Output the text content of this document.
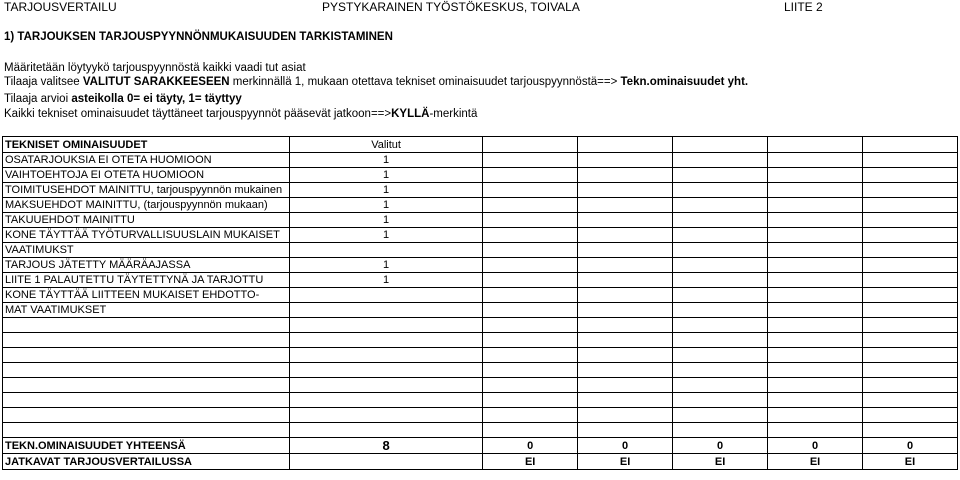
TARJOUSVERTAILU	PYSTYKARAINEN TYÖSTÖKESKUS, TOIVALA	LIITE 2
1) TARJOUKSEN TARJOUSPYYNNÖNMUKAISUUDEN TARKISTAMINEN
Määritetään löytyykö tarjouspyynnöstä kaikki vaadi tut asiat
Tilaaja valitsee VALITUT SARAKKEESEEN merkinnällä 1, mukaan otettava tekniset ominaisuudet tarjouspyynnöstä==> Tekn.ominaisuudet yht.
Tilaaja arvioi asteikolla 0= ei täyty, 1= täyttyy
Kaikki tekniset ominaisuudet täyttäneet tarjouspyynnöt pääsevät jatkoon==>KYLLÄ-merkintä
TEKNISET OMINAISUUDET	Valitut					
OSATARJOUKSIA EI OTETA HUOMIOON	1					
VAIHTOEHTOJA EI OTETA HUOMIOON	1					
TOIMITUSEHDOT MAINITTU, tarjouspyynnön mukainen	1					
MAKSUEHDOT MAINITTU, (tarjouspyynnön mukaan)	1					
TAKUUEHDOT MAINITTU	1					
KONE TÄYTTÄÄ TYÖTURVALLISUUSLAIN MUKAISET	1					
VAATIMUKST						
TARJOUS JÄTETTY MÄÄRÄAJASSA	1					
LIITE 1 PALAUTETTU TÄYTETTYNÄ JA TARJOTTU	1					
KONE TÄYTTÄÄ LIITTEEN MUKAISET EHDOTTO-						
MAT VAATIMUKSET						

TEKN.OMINAISUUDET YHTEENSÄ	8	0	0	0	0	0
JATKAVAT TARJOUSVERTAILUSSA		EI	EI	EI	EI	EI
